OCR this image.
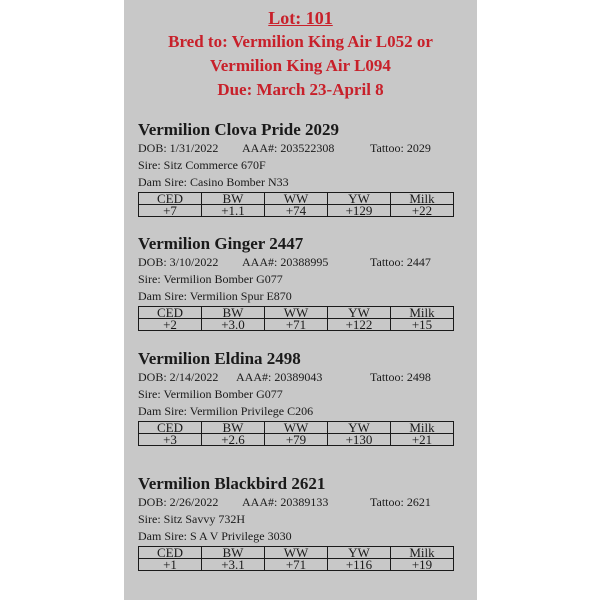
Lot: 101
Bred to: Vermilion King Air L052 or
Vermilion King Air L094
Due: March 23-April 8
Vermilion Clova Pride 2029
DOB: 1/31/2022 AAA#: 203522308	Tattoo: 2029
Sire: Sitz Commerce 670F
Dam Sire: Casino Bomber N33
CED	BW	WW	YW	Milk
+7	+1.1	+74	+129	+22
Vermilion Ginger 2447
DOB: 3/10/2022 AAA#: 20388995	Tattoo: 2447
Sire: Vermilion Bomber G077
Dam Sire: Vermilion Spur E870
CED	BW	WW	YW	Milk
+2	+3.0	+71	+122	+15
Vermilion Eldina 2498
DOB: 2/14/2022 AAA#: 20389043	Tattoo: 2498
Sire: Vermilion Bomber G077
Dam Sire: Vermilion Privilege C206
CED	BW	WW	YW	Milk
+3	+2.6	+79	+130	+21
Vermilion Blackbird 2621
DOB: 2/26/2022 AAA#: 20389133	Tattoo: 2621
Sire: Sitz Savvy 732H
Dam Sire: S A V Privilege 3030
CED	BW	WW	YW	Milk
+1	+3.1	+71	+116	+19
